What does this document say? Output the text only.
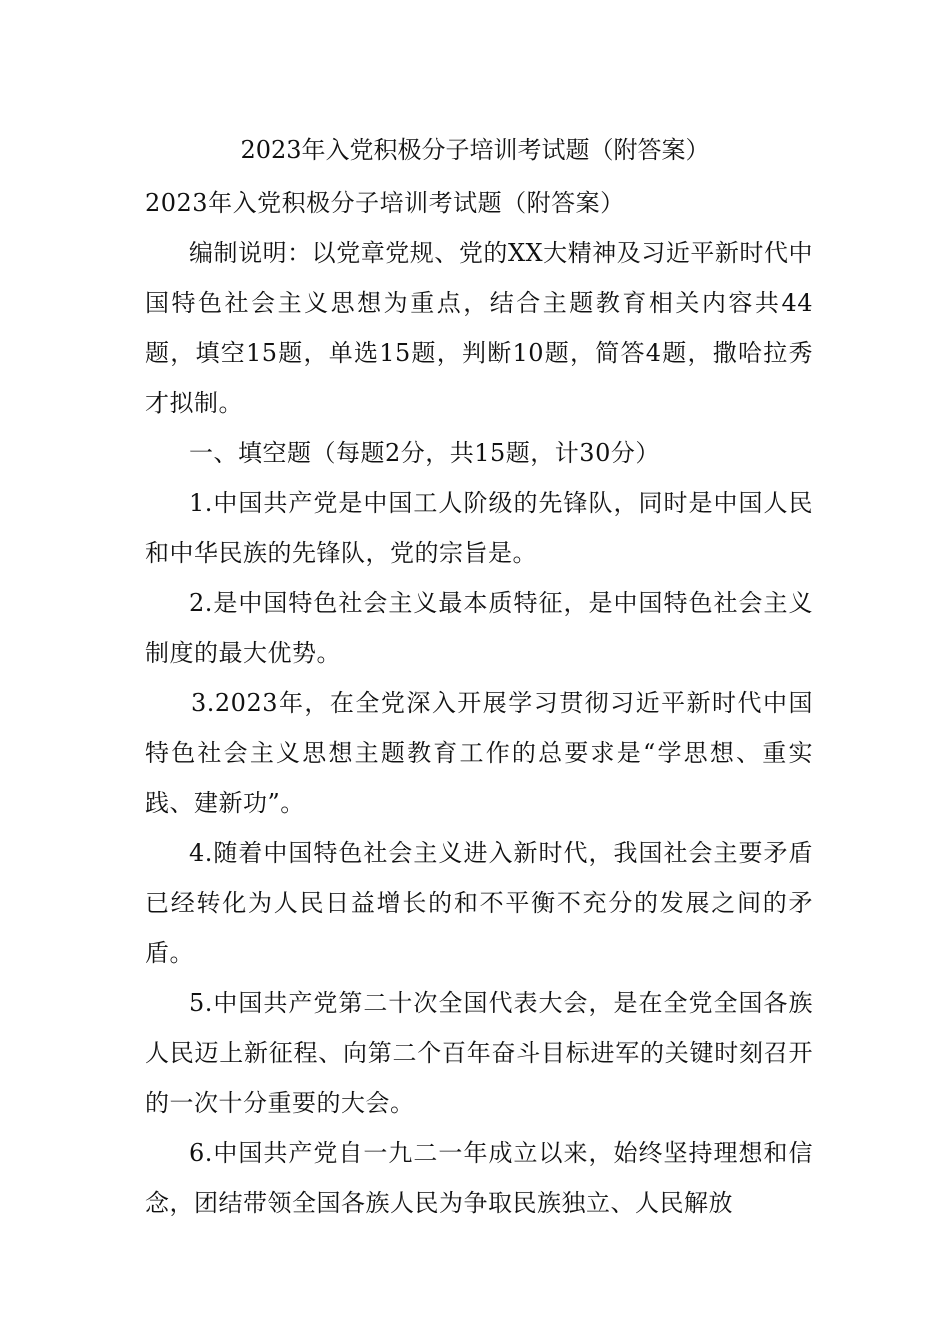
2023年入党积极分子培训考试题（附答案）

2023年入党积极分子培训考试题（附答案）

编制说明：以党章党规、党的XX大精神及习近平新时代中国特色社会主义思想为重点，结合主题教育相关内容共44题，填空15题，单选15题，判断10题，简答4题，撒哈拉秀才拟制。

一、填空题（每题2分，共15题，计30分）

1.中国共产党是中国工人阶级的先锋队，同时是中国人民和中华民族的先锋队，党的宗旨是。

2.是中国特色社会主义最本质特征，是中国特色社会主义制度的最大优势。

3.2023年，在全党深入开展学习贯彻习近平新时代中国特色社会主义思想主题教育工作的总要求是“学思想、重实践、建新功”。

4.随着中国特色社会主义进入新时代，我国社会主要矛盾已经转化为人民日益增长的和不平衡不充分的发展之间的矛盾。

5.中国共产党第二十次全国代表大会，是在全党全国各族人民迈上新征程、向第二个百年奋斗目标进军的关键时刻召开的一次十分重要的大会。

6.中国共产党自一九二一年成立以来，始终坚持理想和信念，团结带领全国各族人民为争取民族独立、人民解放
